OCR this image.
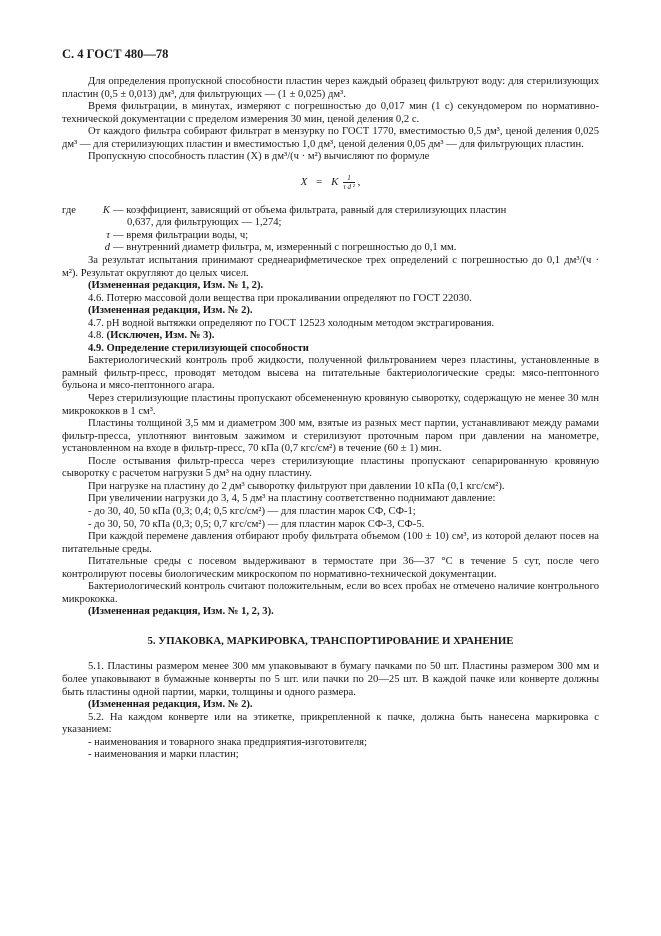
С. 4 ГОСТ 480—78

Для определения пропускной способности пластин через каждый образец фильтруют воду: для стерилизующих пластин (0,5 ± 0,013) дм³, для фильтрующих — (1 ± 0,025) дм³.

Время фильтрации, в минутах, измеряют с погрешностью до 0,017 мин (1 с) секундомером по нормативно-технической документации с пределом измерения 30 мин, ценой деления 0,2 с.

От каждого фильтра собирают фильтрат в мензурку по ГОСТ 1770, вместимостью 0,5 дм³, ценой деления 0,025 дм³ — для стерилизующих пластин и вместимостью 1,0 дм³, ценой деления 0,05 дм³ — для фильтрующих пластин.

Пропускную способность пластин (X) в дм³/(ч · м²) вычисляют по формуле

X = K $\frac{1}{\text{τ d ²}}$ ,
где	K — коэффициент, зависящий от объема фильтрата, равный для стерилизующих пластин
0,637, для фильтрующих — 1,274;
τ — время фильтрации воды, ч;
d — внутренний диаметр фильтра, м, измеренный с погрешностью до 0,1 мм.

За результат испытания принимают среднеарифметическое трех определений с погрешностью до 0,1 дм³/(ч · м²). Результат округляют до целых чисел.

(Измененная редакция, Изм. № 1, 2).

4.6. Потерю массовой доли вещества при прокаливании определяют по ГОСТ 22030.

(Измененная редакция, Изм. № 2).

4.7. pH водной вытяжки определяют по ГОСТ 12523 холодным методом экстрагирования.

4.8. (Исключен, Изм. № 3).

4.9. Определение стерилизующей способности

Бактериологический контроль проб жидкости, полученной фильтрованием через пластины, установленные в рамный фильтр-пресс, проводят методом высева на питательные бактериологические среды: мясо-пептонного бульона и мясо-пептонного агара.

Через стерилизующие пластины пропускают обсемененную кровяную сыворотку, содержащую не менее 30 млн микрококков в 1 см³.

Пластины толщиной 3,5 мм и диаметром 300 мм, взятые из разных мест партии, устанавливают между рамами фильтр-пресса, уплотняют винтовым зажимом и стерилизуют проточным паром при давлении на манометре, установленном на входе в фильтр-пресс, 70 кПа (0,7 кгс/см²) в течение (60 ± 1) мин.

После остывания фильтр-пресса через стерилизующие пластины пропускают сепарированную кровяную сыворотку с расчетом нагрузки 5 дм³ на одну пластину.

При нагрузке на пластину до 2 дм³ сыворотку фильтруют при давлении 10 кПа (0,1 кгс/см²).

При увеличении нагрузки до 3, 4, 5 дм³ на пластину соответственно поднимают давление:

- до 30, 40, 50 кПа (0,3; 0,4; 0,5 кгс/см²) — для пластин марок СФ, СФ-1;

- до 30, 50, 70 кПа (0,3; 0,5; 0,7 кгс/см²) — для пластин марок СФ-3, СФ-5.

При каждой перемене давления отбирают пробу фильтрата объемом (100 ± 10) см³, из которой делают посев на питательные среды.

Питательные среды с посевом выдерживают в термостате при 36—37 °С в течение 5 сут, после чего контролируют посевы биологическим микроскопом по нормативно-технической документации.

Бактериологический контроль считают положительным, если во всех пробах не отмечено наличие контрольного микрококка.

(Измененная редакция, Изм. № 1, 2, 3).

5. УПАКОВКА, МАРКИРОВКА, ТРАНСПОРТИРОВАНИЕ И ХРАНЕНИЕ

5.1. Пластины размером менее 300 мм упаковывают в бумагу пачками по 50 шт. Пластины размером 300 мм и более упаковывают в бумажные конверты по 5 шт. или пачки по 20—25 шт. В каждой пачке или конверте должны быть пластины одной партии, марки, толщины и одного размера.

(Измененная редакция, Изм. № 2).

5.2. На каждом конверте или на этикетке, прикрепленной к пачке, должна быть нанесена маркировка с указанием:

- наименования и товарного знака предприятия-изготовителя;

- наименования и марки пластин;
